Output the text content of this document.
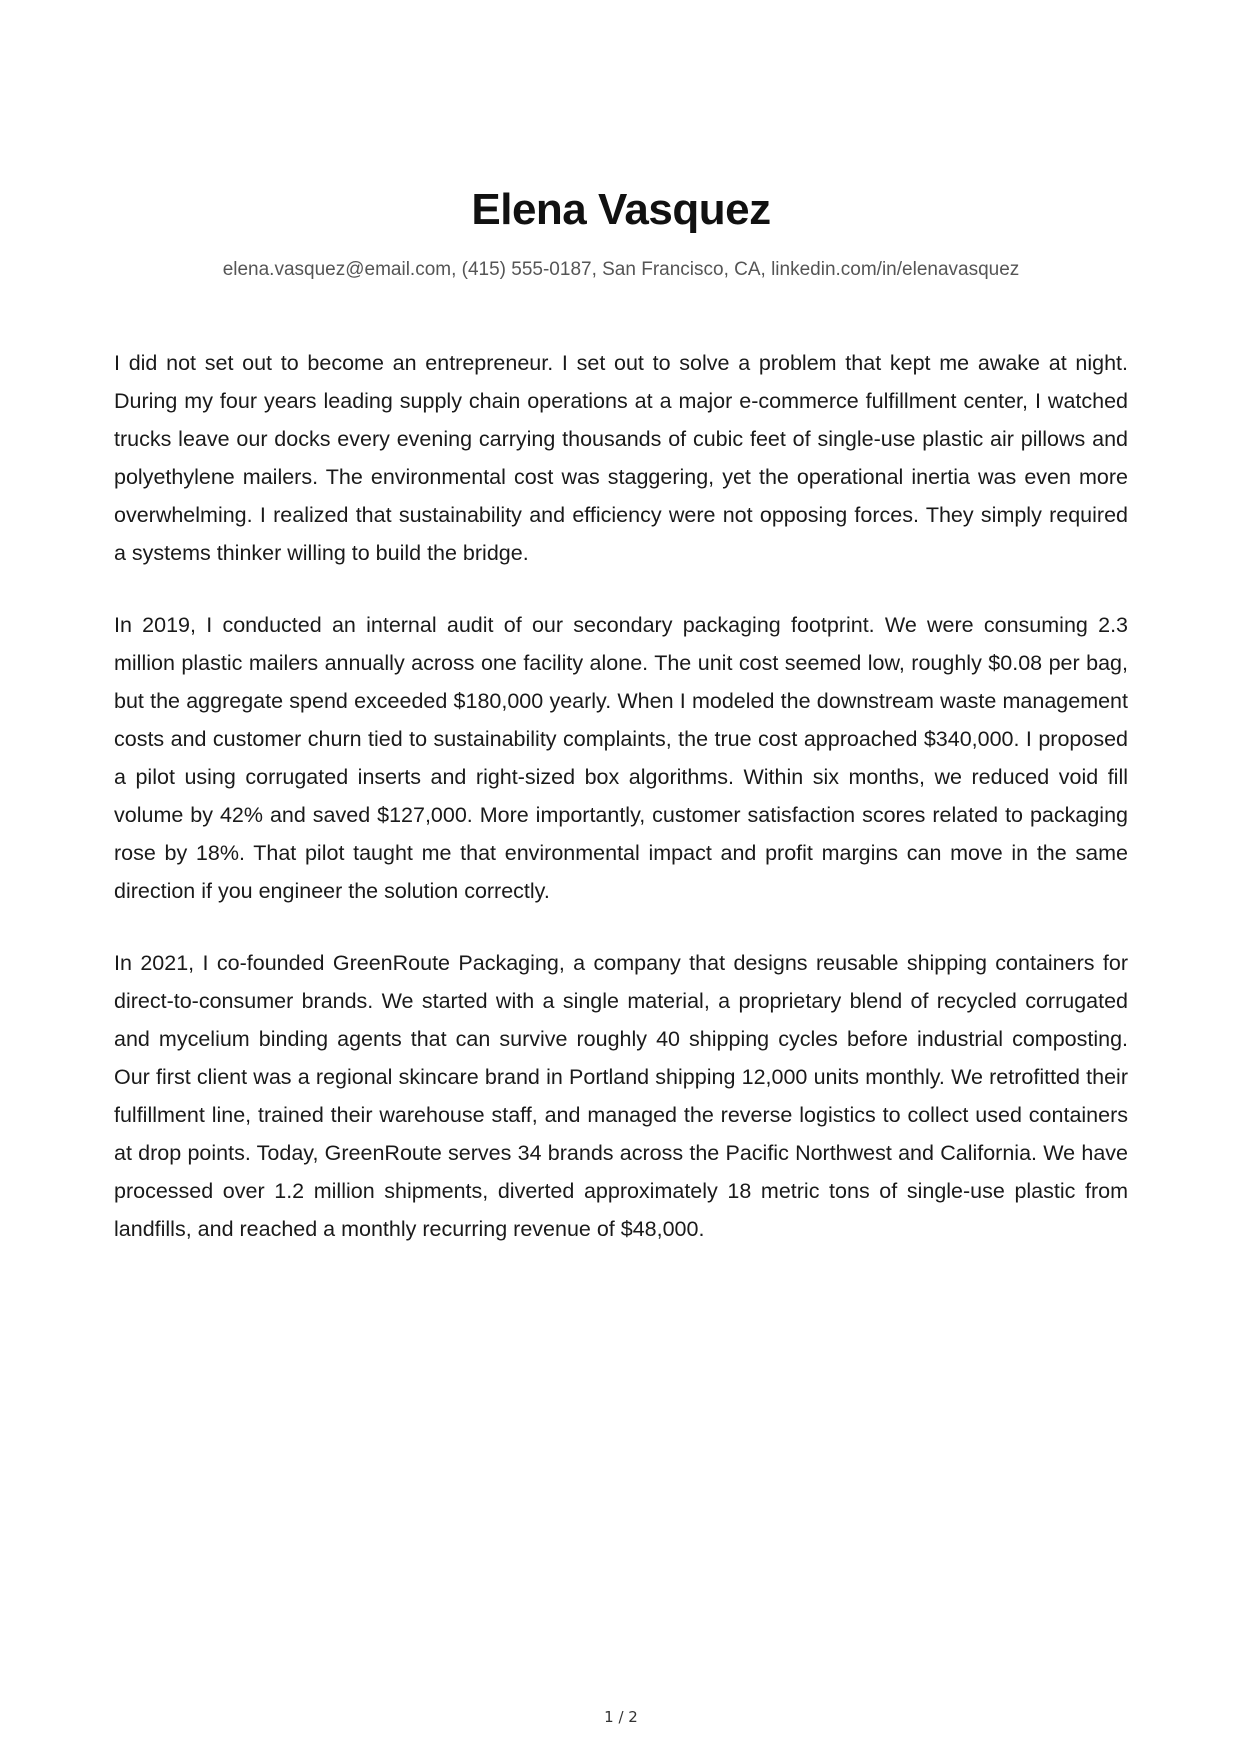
Elena Vasquez

elena.vasquez@email.com, (415) 555-0187, San Francisco, CA, linkedin.com/in/elenavasquez

I did not set out to become an entrepreneur. I set out to solve a problem that kept me awake at night. During my four years leading supply chain operations at a major e-commerce fulfillment center, I watched trucks leave our docks every evening carrying thousands of cubic feet of single-use plastic air pillows and polyethylene mailers. The environmental cost was staggering, yet the operational inertia was even more overwhelming. I realized that sustainability and efficiency were not opposing forces. They simply required a systems thinker willing to build the bridge.

In 2019, I conducted an internal audit of our secondary packaging footprint. We were consuming 2.3 million plastic mailers annually across one facility alone. The unit cost seemed low, roughly $0.08 per bag, but the aggregate spend exceeded $180,000 yearly. When I modeled the downstream waste management costs and customer churn tied to sustainability complaints, the true cost approached $340,000. I proposed a pilot using corrugated inserts and right-sized box algorithms. Within six months, we reduced void fill volume by 42% and saved $127,000. More importantly, customer satisfaction scores related to packaging rose by 18%. That pilot taught me that environmental impact and profit margins can move in the same direction if you engineer the solution correctly.

In 2021, I co-founded GreenRoute Packaging, a company that designs reusable shipping containers for direct-to-consumer brands. We started with a single material, a proprietary blend of recycled corrugated and mycelium binding agents that can survive roughly 40 shipping cycles before industrial composting. Our first client was a regional skincare brand in Portland shipping 12,000 units monthly. We retrofitted their fulfillment line, trained their warehouse staff, and managed the reverse logistics to collect used containers at drop points. Today, GreenRoute serves 34 brands across the Pacific Northwest and California. We have processed over 1.2 million shipments, diverted approximately 18 metric tons of single-use plastic from landfills, and reached a monthly recurring revenue of $48,000.

1 / 2
